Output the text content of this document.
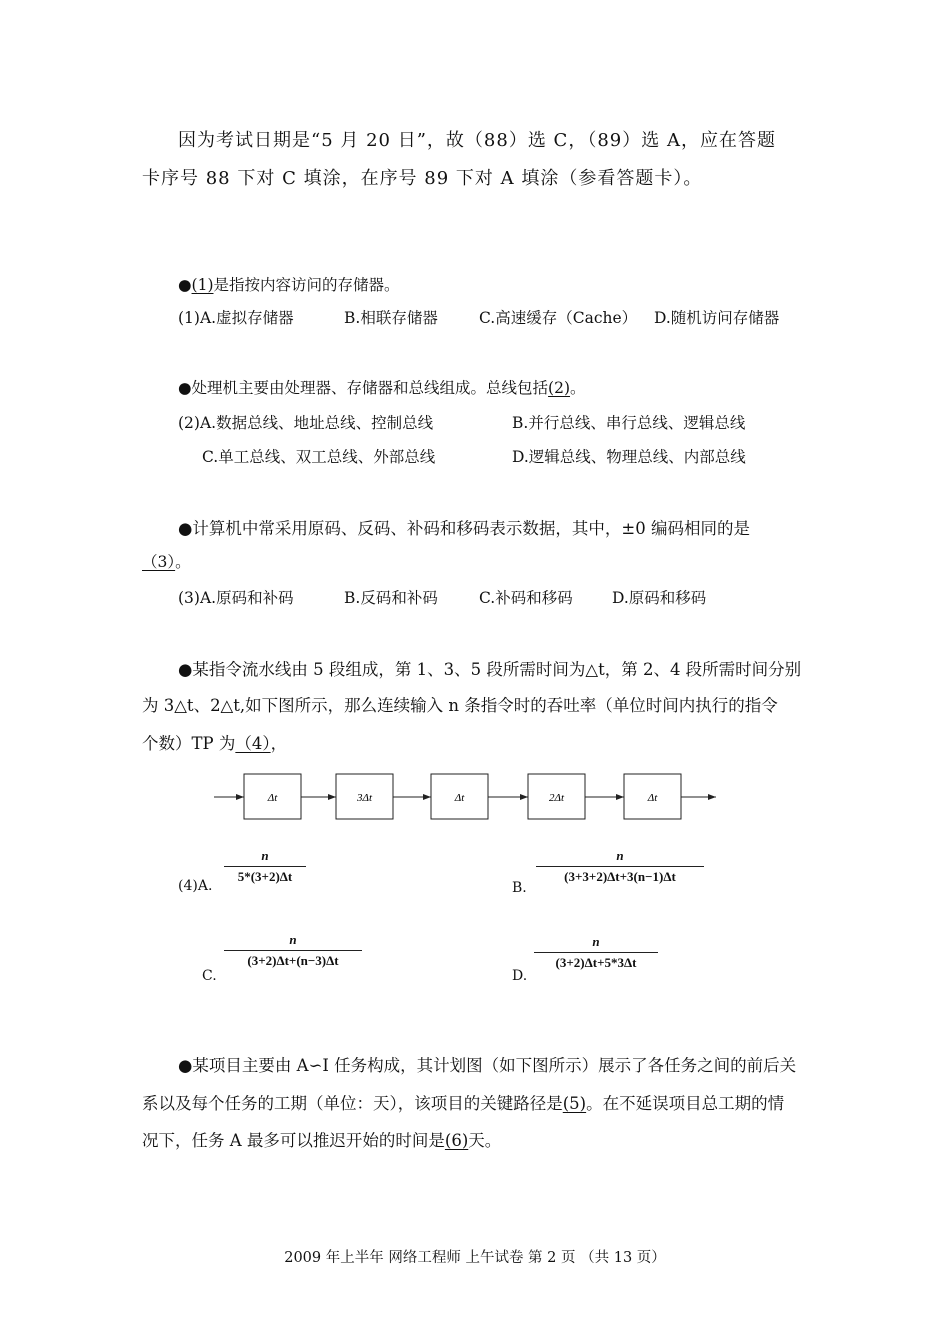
因为考试日期是“5 月 20 日”，故（88）选 C，（89）选 A，应在答题
卡序号 88 下对 C 填涂，在序号 89 下对 A 填涂（参看答题卡）。
●(1)是指按内容访问的存储器。
(1)A.虚拟存储器	B.相联存储器	C.高速缓存（Cache） D.随机访问存储器
●处理机主要由处理器、存储器和总线组成。总线包括(2)。
(2)A.数据总线、地址总线、控制总线	B.并行总线、串行总线、逻辑总线
C.单工总线、双工总线、外部总线	D.逻辑总线、物理总线、内部总线
●计算机中常采用原码、反码、补码和移码表示数据，其中，±0 编码相同的是
（3）。
(3)A.原码和补码	B.反码和补码	C.补码和移码	D.原码和移码
●某指令流水线由 5 段组成，第 1、3、5 段所需时间为△t，第 2、4 段所需时间分别
为 3△t、2△t,如下图所示，那么连续输入 n 条指令时的吞吐率（单位时间内执行的指令
个数）TP 为（4），
Δt	3Δt	Δt	2Δt	Δt
(4)A.
$\frac{n}{5*(3+2)\Delta t}$
B.
$\frac{n}{(3+3+2)\Delta t+3(n-1)\Delta t}$
C.
$\frac{n}{(3+2)\Delta t+(n-3)\Delta t}$
D.
$\frac{n}{(3+2)\Delta t+5*3\Delta t}$
●某项目主要由 A∽I 任务构成，其计划图（如下图所示）展示了各任务之间的前后关
系以及每个任务的工期（单位：天），该项目的关键路径是(5)。在不延误项目总工期的情
况下，任务 A 最多可以推迟开始的时间是(6)天。
2009 年上半年 网络工程师 上午试卷 第 2 页 （共 13 页）
